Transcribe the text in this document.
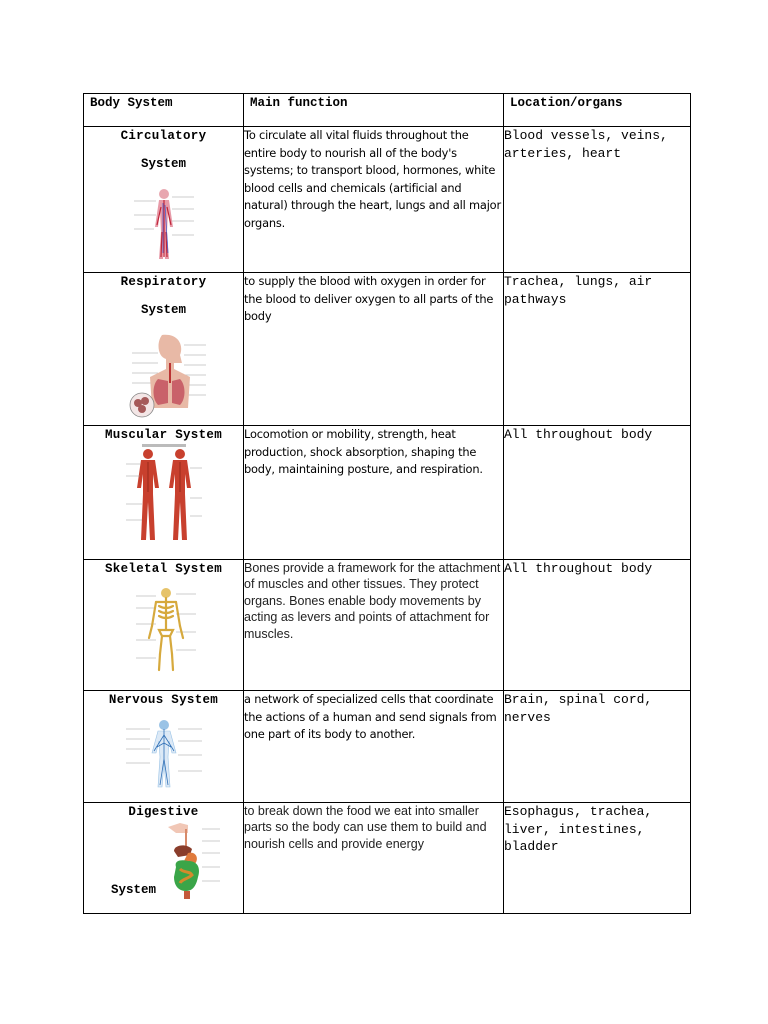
Body System	Main function	Location/organs

Circulatory
System	To circulate all vital fluids throughout the entire body to nourish all of the body's systems; to transport blood, hormones, white blood cells and chemicals (artificial and natural) through the heart, lungs and all major organs.	Blood vessels, veins, arteries, heart

Respiratory
System	to supply the blood with oxygen in order for the blood to deliver oxygen to all parts of the body	Trachea, lungs, air pathways

Muscular System	Locomotion or mobility, strength, heat production, shock absorption, shaping the body, maintaining posture, and respiration.	All throughout body

Skeletal System	Bones provide a framework for the attachment of muscles and other tissues. They protect organs. Bones enable body movements by acting as levers and points of attachment for muscles.	All throughout body

Nervous System	a network of specialized cells that coordinate the actions of a human and send signals from one part of its body to another.	Brain, spinal cord, nerves

Digestive
System	to break down the food we eat into smaller parts so the body can use them to build and nourish cells and provide energy	Esophagus, trachea, liver, intestines, bladder
